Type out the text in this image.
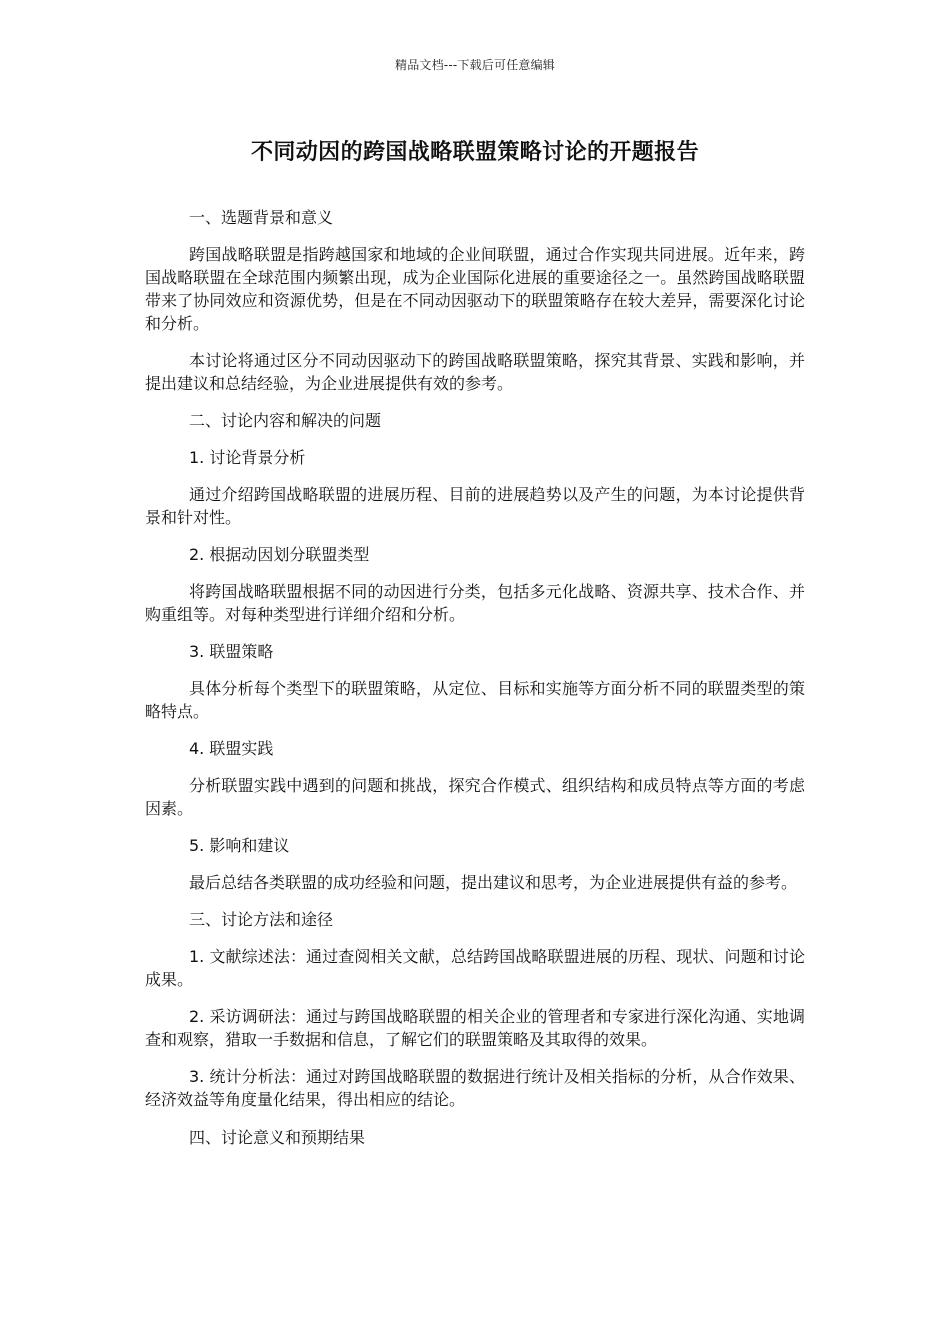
精品文档---下载后可任意编辑
不同动因的跨国战略联盟策略讨论的开题报告

一、选题背景和意义

跨国战略联盟是指跨越国家和地域的企业间联盟，通过合作实现共同进展。近年来，跨国战略联盟在全球范围内频繁出现，成为企业国际化进展的重要途径之一。虽然跨国战略联盟带来了协同效应和资源优势，但是在不同动因驱动下的联盟策略存在较大差异，需要深化讨论和分析。

本讨论将通过区分不同动因驱动下的跨国战略联盟策略，探究其背景、实践和影响，并提出建议和总结经验，为企业进展提供有效的参考。

二、讨论内容和解决的问题

1. 讨论背景分析

通过介绍跨国战略联盟的进展历程、目前的进展趋势以及产生的问题，为本讨论提供背景和针对性。

2. 根据动因划分联盟类型

将跨国战略联盟根据不同的动因进行分类，包括多元化战略、资源共享、技术合作、并购重组等。对每种类型进行详细介绍和分析。

3. 联盟策略

具体分析每个类型下的联盟策略，从定位、目标和实施等方面分析不同的联盟类型的策略特点。

4. 联盟实践

分析联盟实践中遇到的问题和挑战，探究合作模式、组织结构和成员特点等方面的考虑因素。

5. 影响和建议

最后总结各类联盟的成功经验和问题，提出建议和思考，为企业进展提供有益的参考。

三、讨论方法和途径

1. 文献综述法：通过查阅相关文献，总结跨国战略联盟进展的历程、现状、问题和讨论成果。

2. 采访调研法：通过与跨国战略联盟的相关企业的管理者和专家进行深化沟通、实地调查和观察，猎取一手数据和信息，了解它们的联盟策略及其取得的效果。

3. 统计分析法：通过对跨国战略联盟的数据进行统计及相关指标的分析，从合作效果、经济效益等角度量化结果，得出相应的结论。

四、讨论意义和预期结果
